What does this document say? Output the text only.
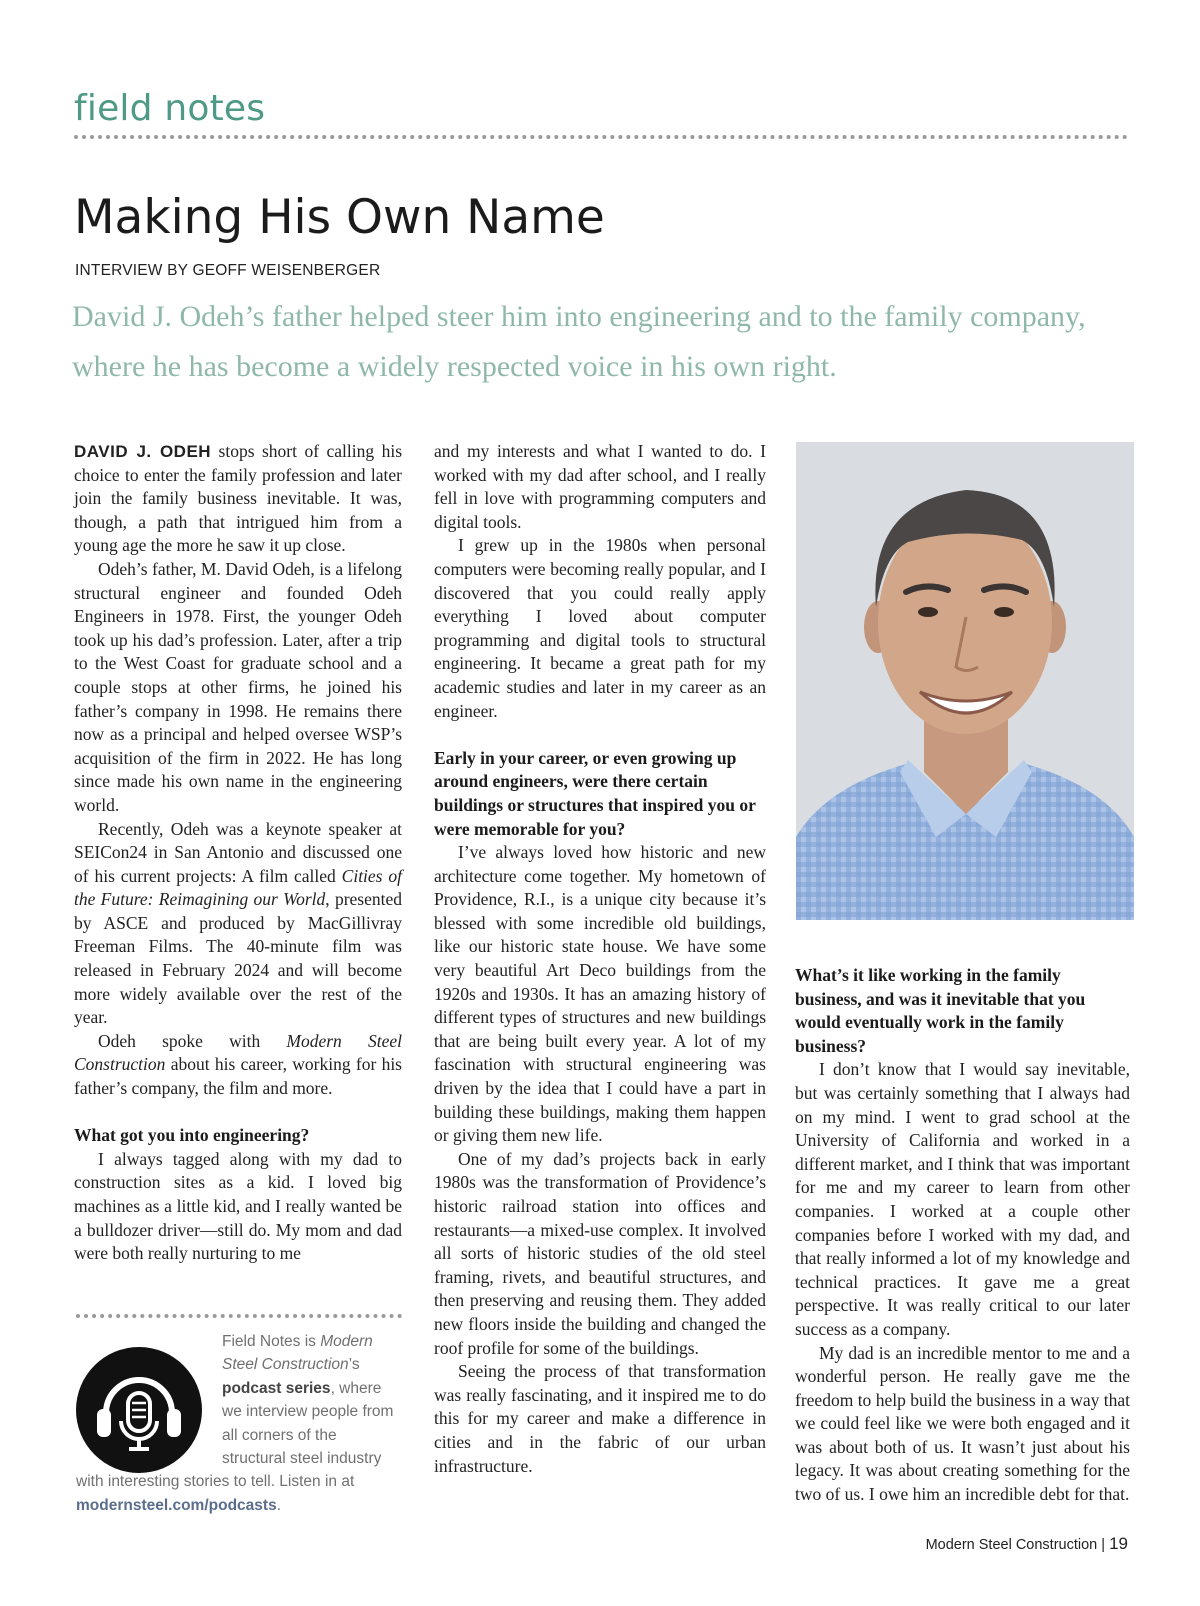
field notes
Making His Own Name
INTERVIEW BY GEOFF WEISENBERGER
David J. Odeh’s father helped steer him into engineering and to the family company, where he has become a widely respected voice in his own right.

DAVID J. ODEH stops short of calling his choice to enter the family profession and later join the family business inevitable. It was, though, a path that intrigued him from a young age the more he saw it up close.

Odeh’s father, M. David Odeh, is a lifelong structural engineer and founded Odeh Engineers in 1978. First, the younger Odeh took up his dad’s profession. Later, after a trip to the West Coast for graduate school and a couple stops at other firms, he joined his father’s company in 1998. He remains there now as a principal and helped oversee WSP’s acquisition of the firm in 2022. He has long since made his own name in the engineering world.

Recently, Odeh was a keynote speaker at SEICon24 in San Antonio and discussed one of his current projects: A film called Cities of the Future: Reimagining our World, presented by ASCE and produced by MacGillivray Freeman Films. The 40-minute film was released in February 2024 and will become more widely available over the rest of the year.

Odeh spoke with Modern Steel Construction about his career, working for his father’s company, the film and more.

What got you into engineering?

I always tagged along with my dad to construction sites as a kid. I loved big machines as a little kid, and I really wanted be a bulldozer driver—still do. My mom and dad were both really nurturing to me

Field Notes is Modern Steel Construction’s podcast series, where we interview people from all corners of the structural steel industry with interesting stories to tell. Listen in at modernsteel.com/podcasts.

and my interests and what I wanted to do. I worked with my dad after school, and I really fell in love with programming computers and digital tools.

I grew up in the 1980s when personal computers were becoming really popular, and I discovered that you could really apply everything I loved about computer programming and digital tools to structural engineering. It became a great path for my academic studies and later in my career as an engineer.

Early in your career, or even growing up around engineers, were there certain buildings or structures that inspired you or were memorable for you?

I’ve always loved how historic and new architecture come together. My hometown of Providence, R.I., is a unique city because it’s blessed with some incredible old buildings, like our historic state house. We have some very beautiful Art Deco buildings from the 1920s and 1930s. It has an amazing history of different types of structures and new buildings that are being built every year. A lot of my fascination with structural engineering was driven by the idea that I could have a part in building these buildings, making them happen or giving them new life.

One of my dad’s projects back in early 1980s was the transformation of Providence’s historic railroad station into offices and restaurants—a mixed-use complex. It involved all sorts of historic studies of the old steel framing, rivets, and beautiful structures, and then preserving and reusing them. They added new floors inside the building and changed the roof profile for some of the buildings.

Seeing the process of that transformation was really fascinating, and it inspired me to do this for my career and make a difference in cities and in the fabric of our urban infrastructure.

What’s it like working in the family business, and was it inevitable that you would eventually work in the family business?

I don’t know that I would say inevitable, but was certainly something that I always had on my mind. I went to grad school at the University of California and worked in a different market, and I think that was important for me and my career to learn from other companies. I worked at a couple other companies before I worked with my dad, and that really informed a lot of my knowledge and technical practices. It gave me a great perspective. It was really critical to our later success as a company.

My dad is an incredible mentor to me and a wonderful person. He really gave me the freedom to help build the business in a way that we could feel like we were both engaged and it was about both of us. It wasn’t just about his legacy. It was about creating something for the two of us. I owe him an incredible debt for that.

Modern Steel Construction | 19
